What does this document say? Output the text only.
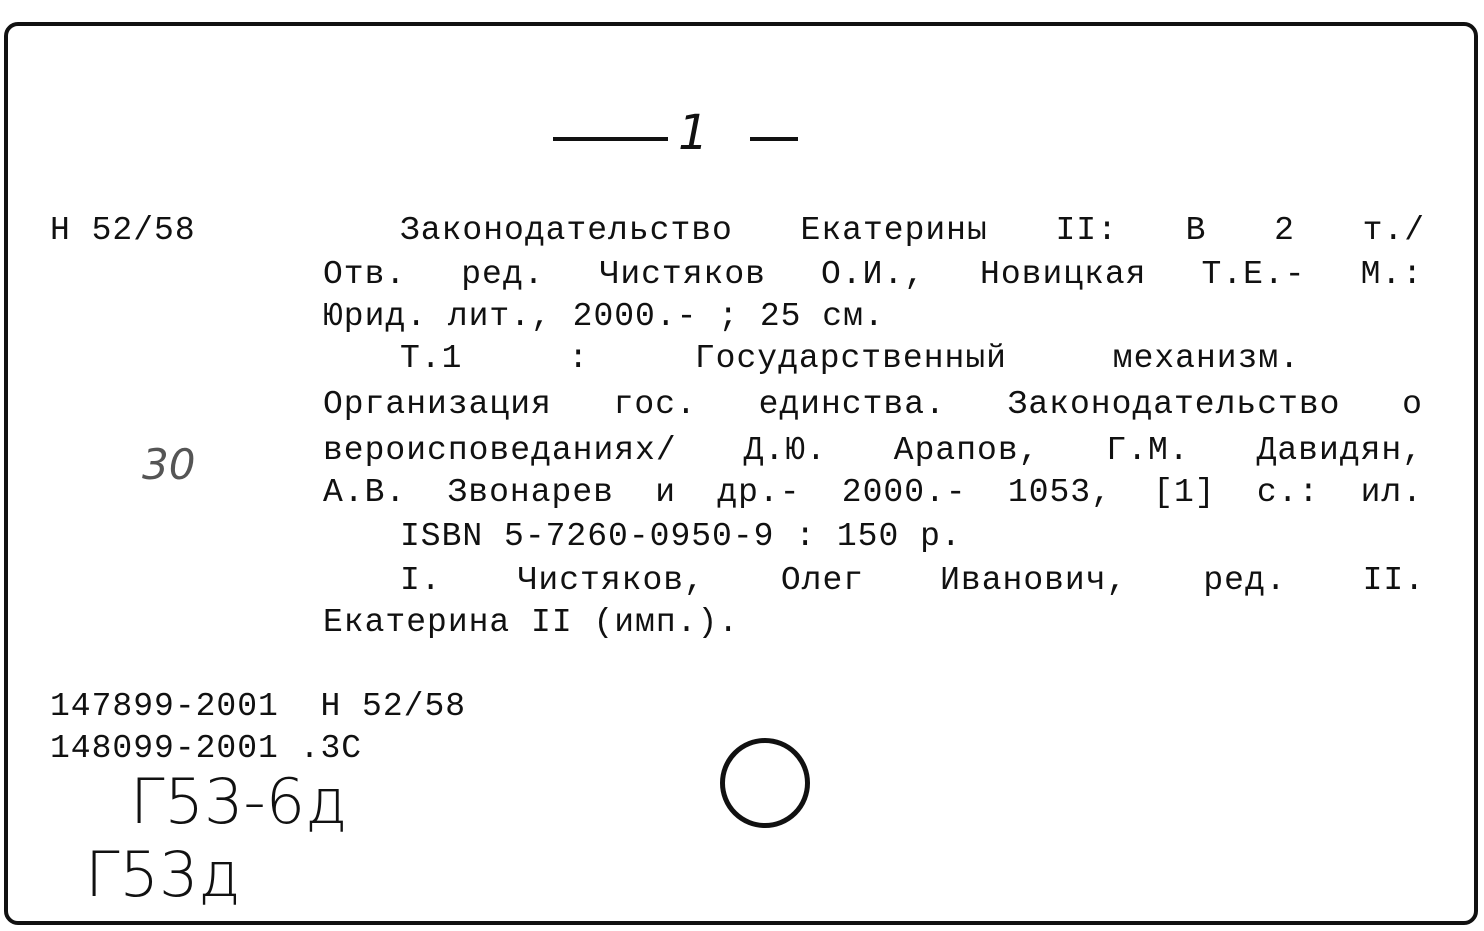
1
Н 52/58	Законодательство Екатерины II: В 2 т./
Отв. ред. Чистяков О.И., Новицкая Т.Е.- М.:
Юрид. лит., 2000.- ; 25 см.
Т.1 : Государственный механизм.
Организация гос. единства. Законодательство о
вероисповеданиях/ Д.Ю. Арапов, Г.М. Давидян,
А.В. Звонарев и др.- 2000.- 1053, [1] с.: ил.
ISBN 5-7260-0950-9 : 150 р.
I. Чистяков, Олег Иванович, ред. II.
Екатерина II (имп.).
30
147899-2001  Н 52/58
148099-2001 .3С
Г53-6д
Г53д
